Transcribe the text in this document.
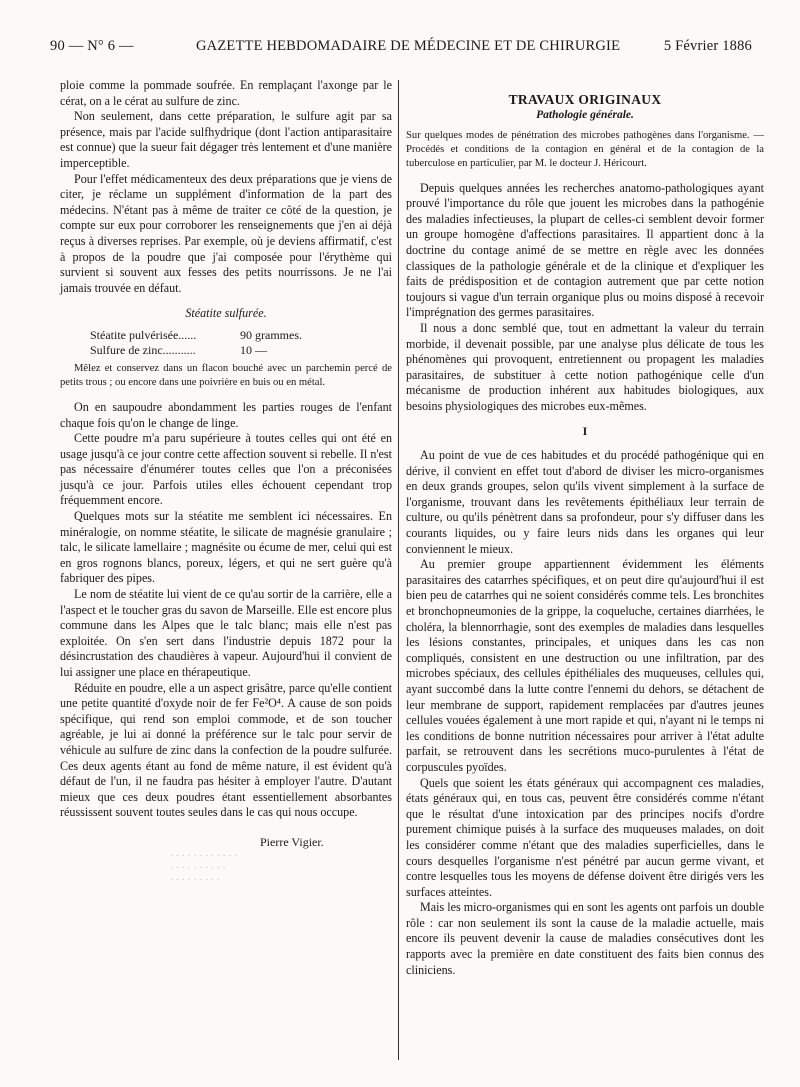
90 — N° 6 —	GAZETTE HEBDOMADAIRE DE MÉDECINE ET DE CHIRURGIE	5 Février 1886

ploie comme la pommade soufrée. En remplaçant l'axonge par le cérat, on a le cérat au sulfure de zinc.

Non seulement, dans cette préparation, le sulfure agit par sa présence, mais par l'acide sulfhydrique (dont l'action antiparasitaire est connue) que la sueur fait dégager très lentement et d'une manière imperceptible.

Pour l'effet médicamenteux des deux préparations que je viens de citer, je réclame un supplément d'information de la part des médecins. N'étant pas à même de traiter ce côté de la question, je compte sur eux pour corroborer les renseignements que j'en ai déjà reçus à diverses reprises. Par exemple, où je deviens affirmatif, c'est à propos de la poudre que j'ai composée pour l'érythème qui survient si souvent aux fesses des petits nourrissons. Je ne l'ai jamais trouvée en défaut.

Stéatite sulfurée.

Stéatite pulvérisée......	90 grammes.
Sulfure de zinc...........	10 —

Mêlez et conservez dans un flacon bouché avec un parchemin percé de petits trous ; ou encore dans une poivrière en buis ou en métal.

On en saupoudre abondamment les parties rouges de l'enfant chaque fois qu'on le change de linge.

Cette poudre m'a paru supérieure à toutes celles qui ont été en usage jusqu'à ce jour contre cette affection souvent si rebelle. Il n'est pas nécessaire d'énumérer toutes celles que l'on a préconisées jusqu'à ce jour. Parfois utiles elles échouent cependant trop fréquemment encore.

Quelques mots sur la stéatite me semblent ici nécessaires. En minéralogie, on nomme stéatite, le silicate de magnésie granulaire ; talc, le silicate lamellaire ; magnésite ou écume de mer, celui qui est en gros rognons blancs, poreux, légers, et qui ne sert guère qu'à fabriquer des pipes.

Le nom de stéatite lui vient de ce qu'au sortir de la carrière, elle a l'aspect et le toucher gras du savon de Marseille. Elle est encore plus commune dans les Alpes que le talc blanc; mais elle n'est pas exploitée. On s'en sert dans l'industrie depuis 1872 pour la désincrustation des chaudières à vapeur. Aujourd'hui il convient de lui assigner une place en thérapeutique.

Réduite en poudre, elle a un aspect grisâtre, parce qu'elle contient une petite quantité d'oxyde noir de fer Fe²O⁴. A cause de son poids spécifique, qui rend son emploi commode, et de son toucher agréable, je lui ai donné la préférence sur le talc pour servir de véhicule au sulfure de zinc dans la confection de la poudre sulfurée. Ces deux agents étant au fond de même nature, il est évident qu'à défaut de l'un, il ne faudra pas hésiter à employer l'autre. D'autant mieux que ces deux poudres étant essentiellement absorbantes réussissent souvent toutes seules dans le cas qui nous occupe.

Pierre Vigier.

· · · · · · · · · · · ·
· · · · · · · · · ·
· · · · · · · · ·

TRAVAUX ORIGINAUX

Pathologie générale.

Sur quelques modes de pénétration des microbes pathogènes dans l'organisme. — Procédés et conditions de la contagion en général et de la contagion de la tuberculose en particulier, par M. le docteur J. Héricourt.

Depuis quelques années les recherches anatomo-pathologiques ayant prouvé l'importance du rôle que jouent les microbes dans la pathogénie des maladies infectieuses, la plupart de celles-ci semblent devoir former un groupe homogène d'affections parasitaires. Il appartient donc à la doctrine du contage animé de se mettre en règle avec les données classiques de la pathologie générale et de la clinique et d'expliquer les faits de prédisposition et de contagion autrement que par cette notion toujours si vague d'un terrain organique plus ou moins disposé à recevoir l'imprégnation des germes parasitaires.

Il nous a donc semblé que, tout en admettant la valeur du terrain morbide, il devenait possible, par une analyse plus délicate de tous les phénomènes qui provoquent, entretiennent ou propagent les maladies parasitaires, de substituer à cette notion pathogénique celle d'un mécanisme de production inhérent aux habitudes biologiques, aux besoins physiologiques des microbes eux-mêmes.

I

Au point de vue de ces habitudes et du procédé pathogénique qui en dérive, il convient en effet tout d'abord de diviser les micro-organismes en deux grands groupes, selon qu'ils vivent simplement à la surface de l'organisme, trouvant dans les revêtements épithéliaux leur terrain de culture, ou qu'ils pénètrent dans sa profondeur, pour s'y diffuser dans les courants liquides, ou y faire leurs nids dans les organes qui leur conviennent le mieux.

Au premier groupe appartiennent évidemment les éléments parasitaires des catarrhes spécifiques, et on peut dire qu'aujourd'hui il est bien peu de catarrhes qui ne soient considérés comme tels. Les bronchites et bronchopneumonies de la grippe, la coqueluche, certaines diarrhées, le choléra, la blennorrhagie, sont des exemples de maladies dans lesquelles les lésions constantes, principales, et uniques dans les cas non compliqués, consistent en une destruction ou une infiltration, par des microbes spéciaux, des cellules épithéliales des muqueuses, cellules qui, ayant succombé dans la lutte contre l'ennemi du dehors, se détachent de leur membrane de support, rapidement remplacées par d'autres jeunes cellules vouées également à une mort rapide et qui, n'ayant ni le temps ni les conditions de bonne nutrition nécessaires pour arriver à l'état adulte parfait, se retrouvent dans les secrétions muco-purulentes à l'état de corpuscules pyoïdes.

Quels que soient les états généraux qui accompagnent ces maladies, états généraux qui, en tous cas, peuvent être considérés comme n'étant que le résultat d'une intoxication par des principes nocifs d'ordre purement chimique puisés à la surface des muqueuses malades, on doit les considérer comme n'étant que des maladies superficielles, dans le cours desquelles l'organisme n'est pénétré par aucun germe vivant, et contre lesquelles tous les moyens de défense doivent être dirigés vers les surfaces atteintes.

Mais les micro-organismes qui en sont les agents ont parfois un double rôle : car non seulement ils sont la cause de la maladie actuelle, mais encore ils peuvent devenir la cause de maladies consécutives dont les rapports avec la première en date constituent des faits bien connus des cliniciens.
